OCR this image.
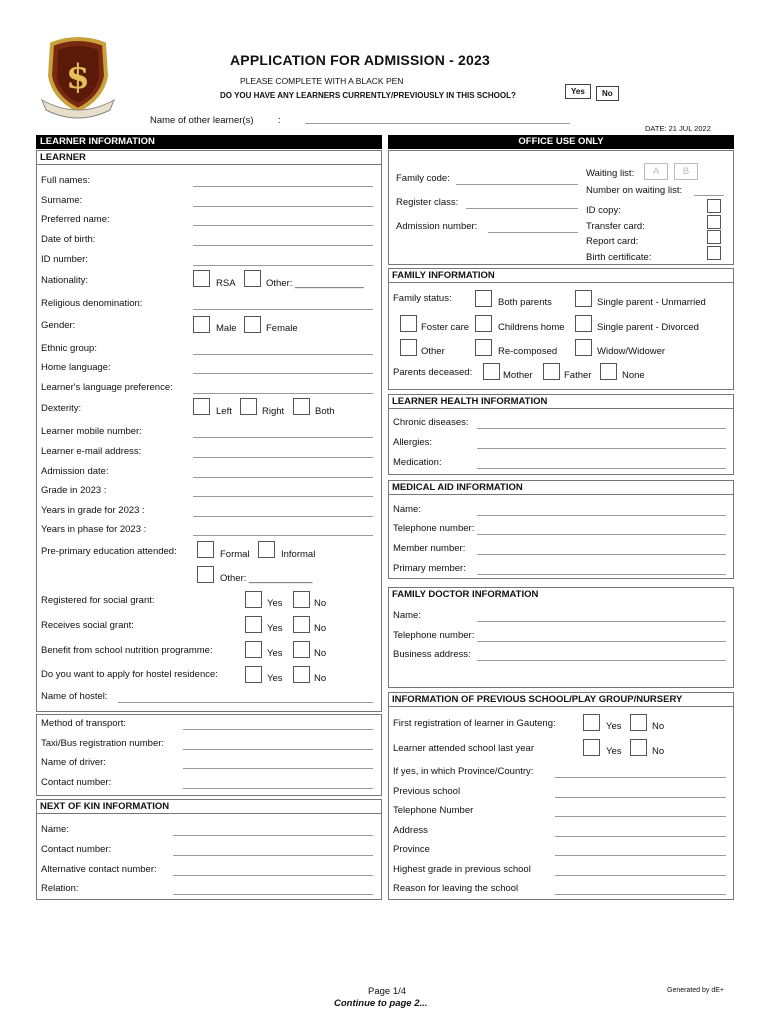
$	APPLICATION FOR ADMISSION - 2023
PLEASE COMPLETE WITH A BLACK PEN
DO YOU HAVE ANY LEARNERS CURRENTLY/PREVIOUSLY IN THIS SCHOOL?	Yes	No
Name of other learner(s)	:
DATE: 21 JUL 2022
LEARNER INFORMATION	OFFICE USE ONLY
LEARNER
Full names:
Surname:
Preferred name:
Date of birth:
ID number:
Nationality:	RSA	Other: _____________
Religious denomination:
Gender:	Male	Female
Ethnic group:
Home language:
Learner's language preference:
Dexterity:	Left	Right	Both
Learner mobile number:
Learner e-mail address:
Admission date:
Grade in 2023 :
Years in grade for 2023 :
Years in phase for 2023 :
Pre-primary education attended:	Formal	Informal
Other: ____________
Registered for social grant:	Yes	No
Receives social grant:	Yes	No
Benefit from school nutrition programme:	Yes	No
Do you want to apply for hostel residence:	Yes	No
Name of hostel:
Method of transport:
Taxi/Bus registration number:
Name of driver:
Contact number:
NEXT OF KIN INFORMATION
Name:
Contact number:
Alternative contact number:
Relation:
Family code:
Register class:
Admission number:
Waiting list:	A	B
Number on waiting list:
ID copy:
Transfer card:
Report card:
Birth certificate:
FAMILY INFORMATION
Family status:	Both parents	Single parent - Unmarried
Foster care	Childrens home	Single parent - Divorced
Other	Re-composed	Widow/Widower
Parents deceased:	Mother	Father	None
LEARNER HEALTH INFORMATION
Chronic diseases:
Allergies:
Medication:
MEDICAL AID INFORMATION
Name:
Telephone number:
Member number:
Primary member:
FAMILY DOCTOR INFORMATION
Name:
Telephone number:
Business address:
INFORMATION OF PREVIOUS SCHOOL/PLAY GROUP/NURSERY
First registration of learner in Gauteng:	Yes	No
Learner attended school last year	Yes	No
If yes, in which Province/Country:
Previous school
Telephone Number
Address
Province
Highest grade in previous school
Reason for leaving the school
Page 1/4
Continue to page 2...
Generated by dE+
